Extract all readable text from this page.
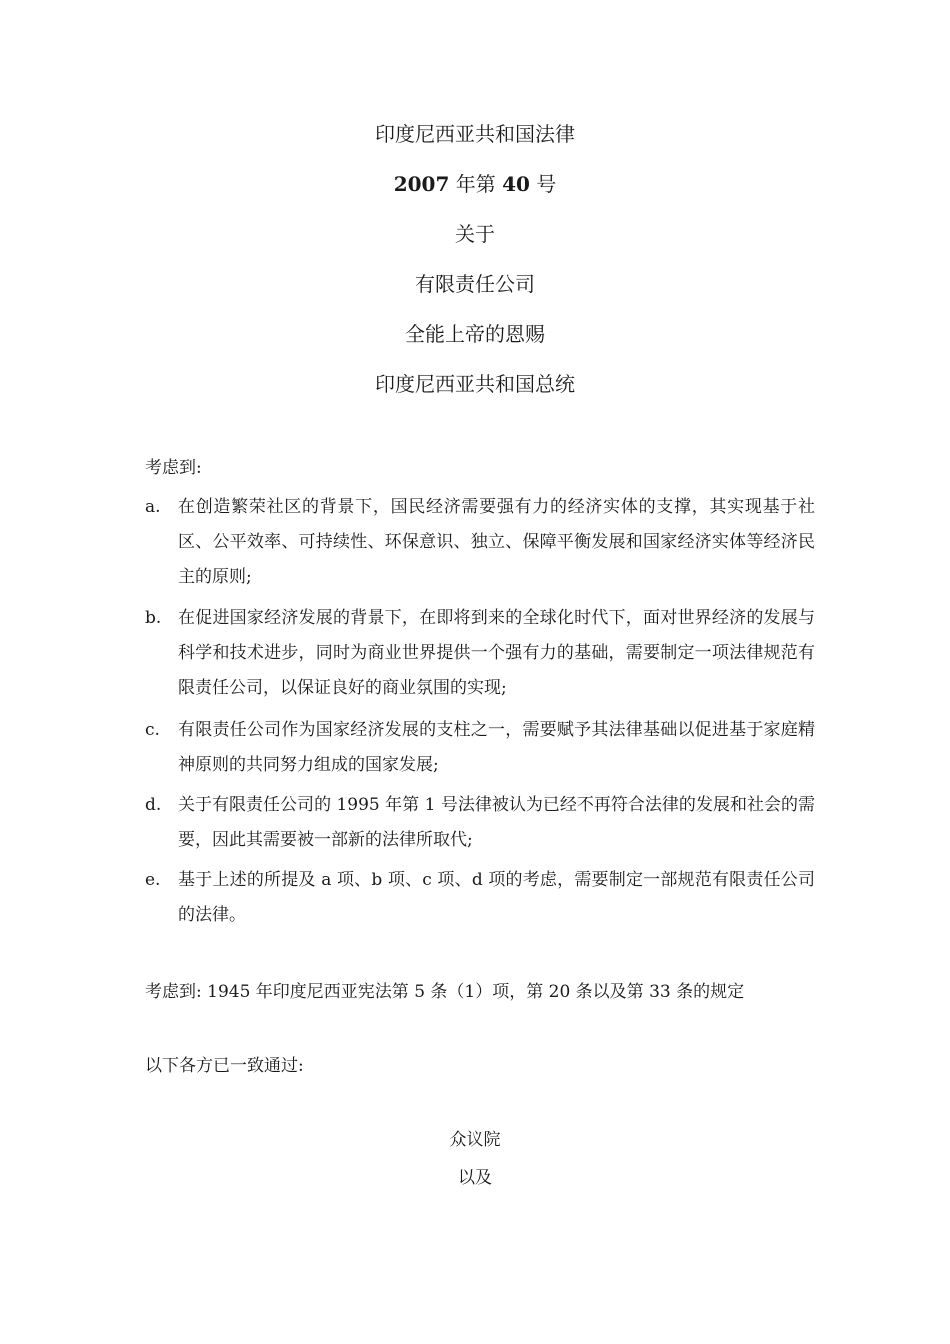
印度尼西亚共和国法律
2007 年第 40 号
关于
有限责任公司
全能上帝的恩赐
印度尼西亚共和国总统
考虑到:
a.	在创造繁荣社区的背景下，国民经济需要强有力的经济实体的支撑，其实现基于社区、公平效率、可持续性、环保意识、独立、保障平衡发展和国家经济实体等经济民主的原则;
b. 在促进国家经济发展的背景下，在即将到来的全球化时代下，面对世界经济的发展与科学和技术进步，同时为商业世界提供一个强有力的基础，需要制定一项法律规范有限责任公司，以保证良好的商业氛围的实现;
c.	有限责任公司作为国家经济发展的支柱之一，需要赋予其法律基础以促进基于家庭精神原则的共同努力组成的国家发展;
d. 关于有限责任公司的 1995 年第 1 号法律被认为已经不再符合法律的发展和社会的需要，因此其需要被一部新的法律所取代;
e.	基于上述的所提及 a 项、b 项、c 项、d 项的考虑，需要制定一部规范有限责任公司的法律。
考虑到: 1945 年印度尼西亚宪法第 5 条（1）项，第 20 条以及第 33 条的规定
以下各方已一致通过:
众议院
以及
